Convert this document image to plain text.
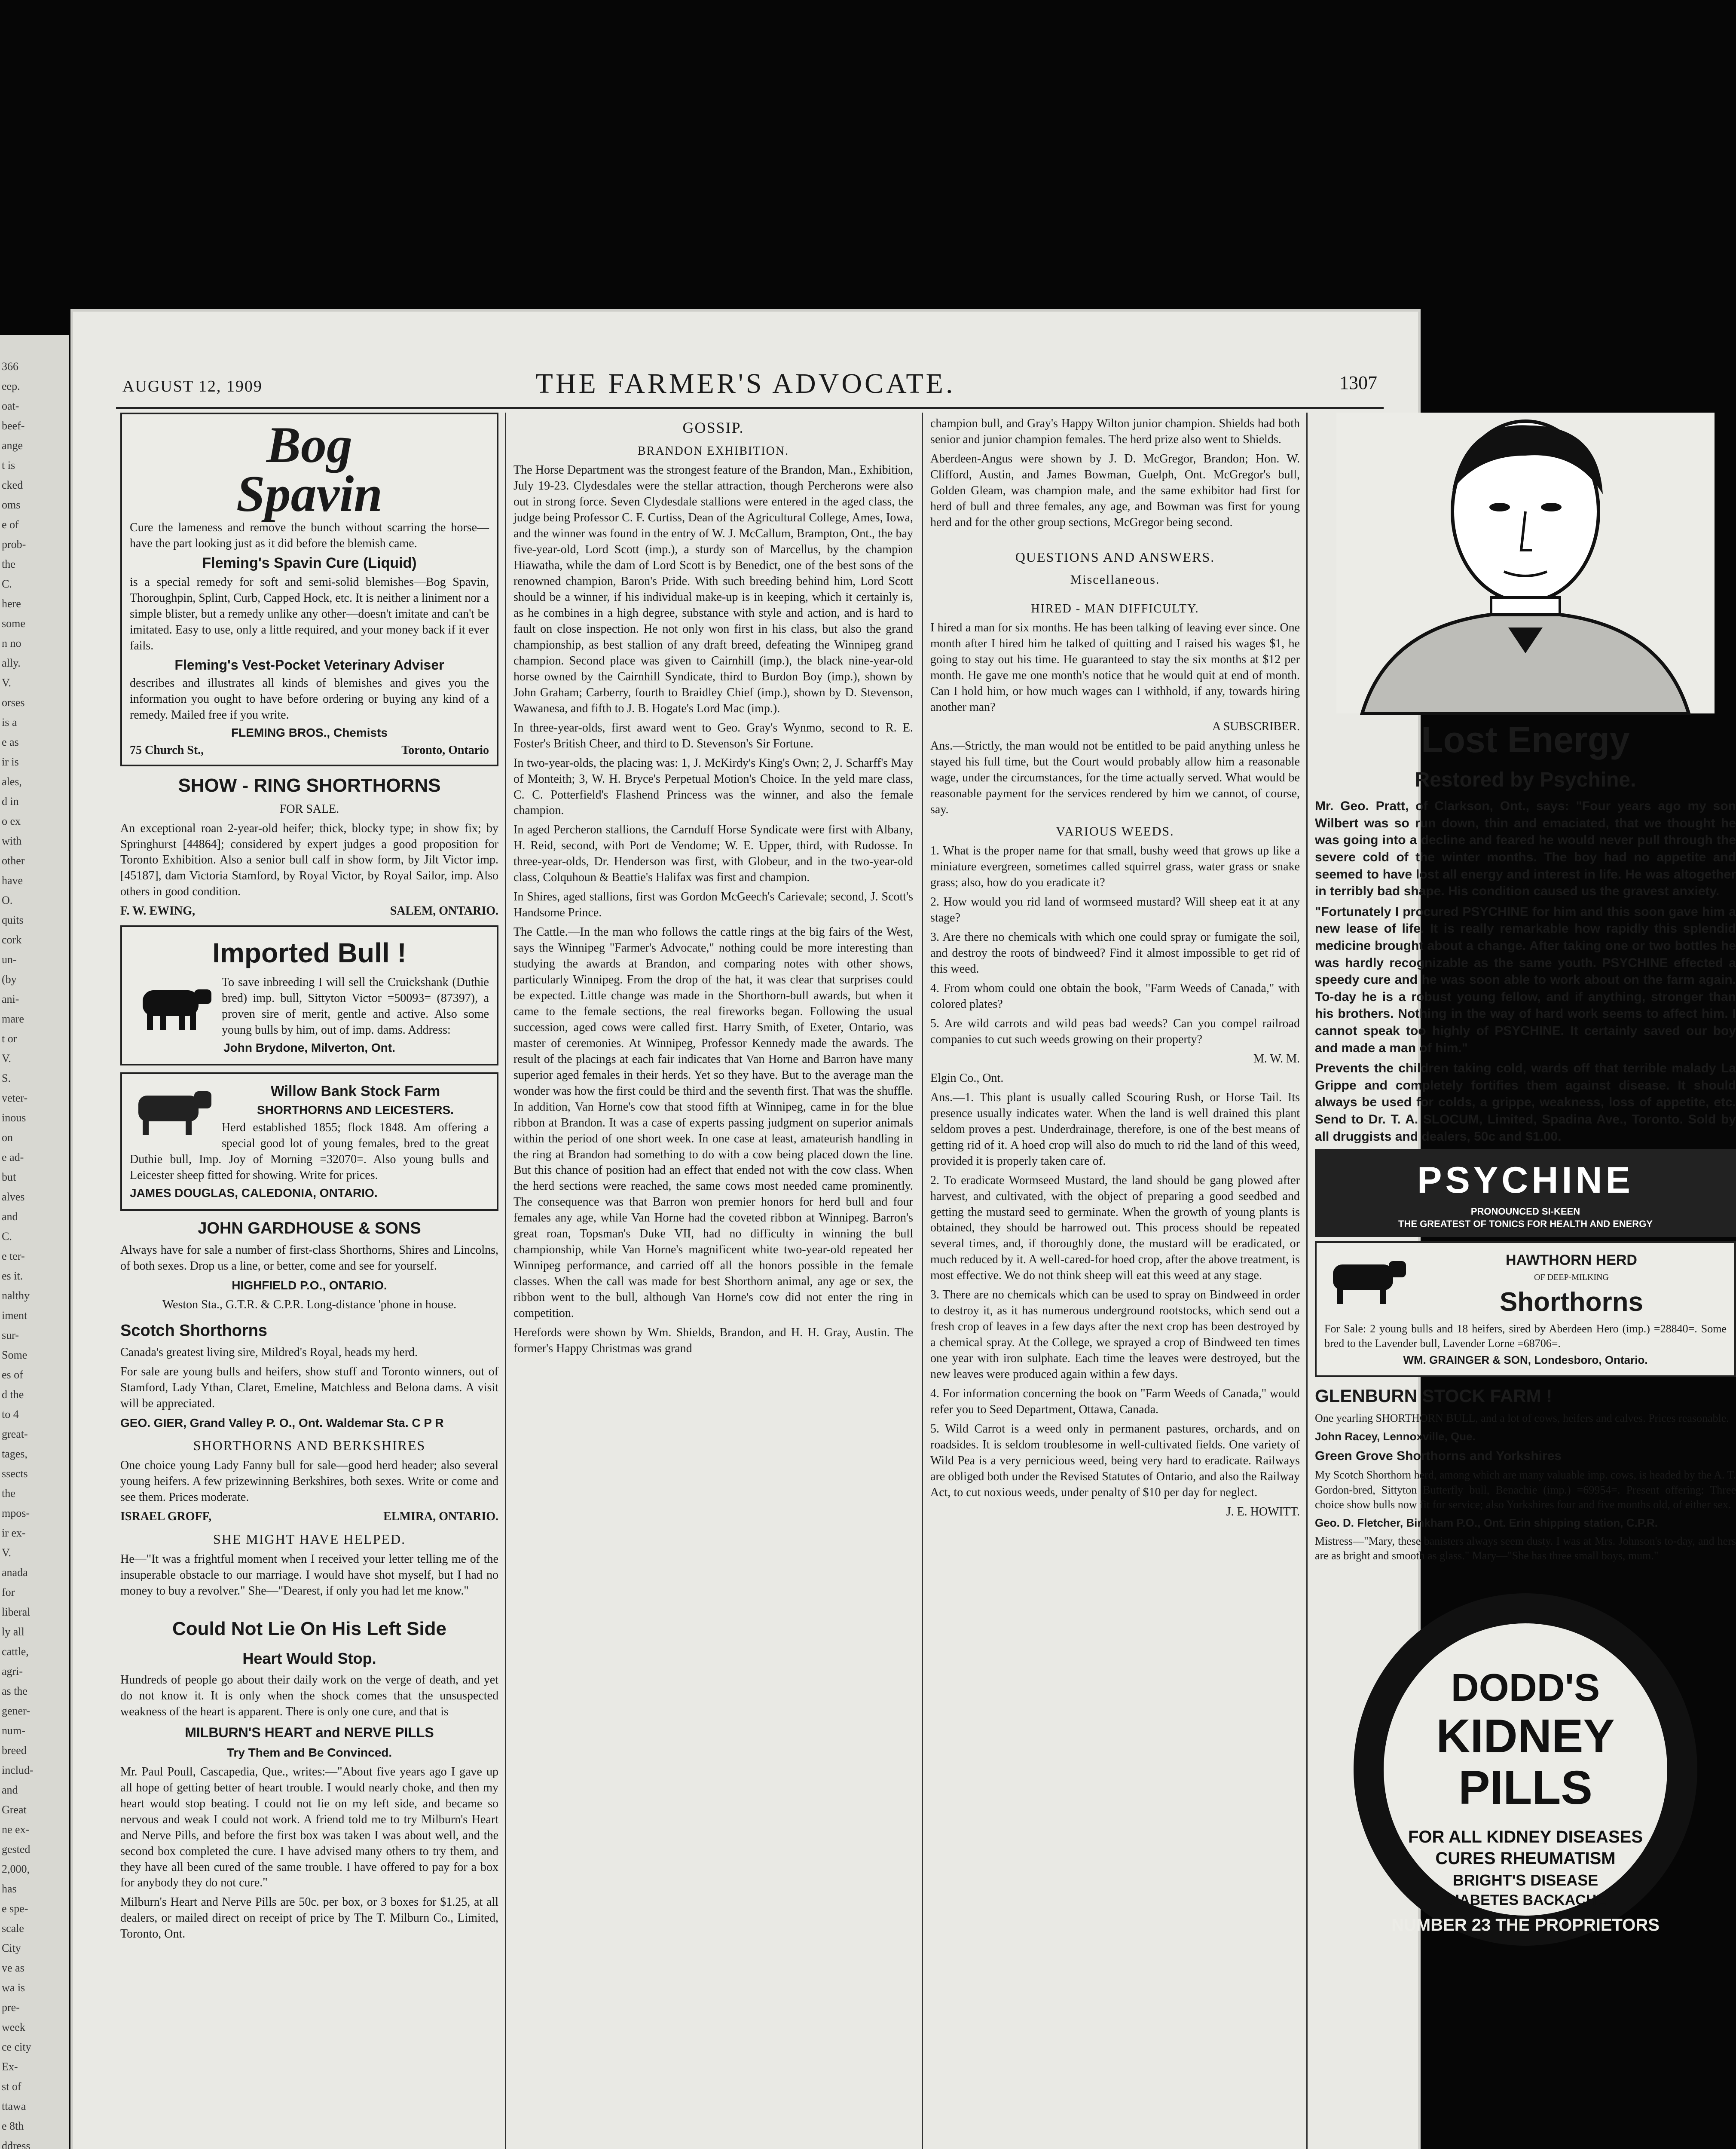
366
eep.
oat-
beef-
ange
t is
cked
oms
e of
prob-
the
C.
here
some
n no
ally.
V.
orses
is a
e as
ir is
ales,
d in
o ex
with
other
have
O.
quits
cork
un-
(by
ani-
mare
t or
V.
S.
veter-
inous
on
e ad-
but
alves
and
C.
e ter-
es it.
nalthy
iment
sur-
Some
es of
d the
to 4
great-
tages,
ssects
the
mpos-
ir ex-
V.
anada
for
liberal
ly all
cattle,
agri-
as the
gener-
num-
breed
includ-
and
Great
ne ex-
gested
2,000,
has
e spe-
scale
City
ve as
wa is
pre-
week
ce city
Ex-
st of
ttawa
e 8th
ddress
AUGUST 12, 1909	THE FARMER'S ADVOCATE.	1307
Bog
Spavin

Cure the lameness and remove the bunch without scarring the horse—have the part looking just as it did before the blemish came.

Fleming's Spavin Cure (Liquid)

is a special remedy for soft and semi-solid blemishes—Bog Spavin, Thoroughpin, Splint, Curb, Capped Hock, etc. It is neither a liniment nor a simple blister, but a remedy unlike any other—doesn't imitate and can't be imitated. Easy to use, only a little required, and your money back if it ever fails.

Fleming's Vest-Pocket Veterinary Adviser

describes and illustrates all kinds of blemishes and gives you the information you ought to have before ordering or buying any kind of a remedy. Mailed free if you write.

FLEMING BROS., Chemists

75 Church St.,	Toronto, Ontario
SHOW - RING SHORTHORNS

FOR SALE.

An exceptional roan 2-year-old heifer; thick, blocky type; in show fix; by Springhurst [44864]; considered by expert judges a good proposition for Toronto Exhibition. Also a senior bull calf in show form, by Jilt Victor imp. [45187], dam Victoria Stamford, by Royal Victor, by Royal Sailor, imp. Also others in good condition.

F. W. EWING,	SALEM, ONTARIO.
Imported Bull !

To save inbreeding I will sell the Cruickshank (Duthie bred) imp. bull, Sittyton Victor =50093= (87397), a proven sire of merit, gentle and active. Also some young bulls by him, out of imp. dams. Address:

John Brydone, Milverton, Ont.

Willow Bank Stock Farm

SHORTHORNS AND LEICESTERS.

Herd established 1855; flock 1848. Am offering a special good lot of young females, bred to the great Duthie bull, Imp. Joy of Morning =32070=. Also young bulls and Leicester sheep fitted for showing. Write for prices.

JAMES DOUGLAS, CALEDONIA, ONTARIO.

JOHN GARDHOUSE & SONS

Always have for sale a number of first-class Shorthorns, Shires and Lincolns, of both sexes. Drop us a line, or better, come and see for yourself.

HIGHFIELD P.O., ONTARIO.

Weston Sta., G.T.R. & C.P.R. Long-distance 'phone in house.

Scotch Shorthorns

Canada's greatest living sire, Mildred's Royal, heads my herd.

For sale are young bulls and heifers, show stuff and Toronto winners, out of Stamford, Lady Ythan, Claret, Emeline, Matchless and Belona dams. A visit will be appreciated.

GEO. GIER, Grand Valley P. O., Ont. Waldemar Sta. C P R

SHORTHORNS AND BERKSHIRES

One choice young Lady Fanny bull for sale—good herd header; also several young heifers. A few prizewinning Berkshires, both sexes. Write or come and see them. Prices moderate.

ISRAEL GROFF,	ELMIRA, ONTARIO.
SHE MIGHT HAVE HELPED.

He—"It was a frightful moment when I received your letter telling me of the insuperable obstacle to our marriage. I would have shot myself, but I had no money to buy a revolver." She—"Dearest, if only you had let me know."

Could Not Lie On His Left Side
Heart Would Stop.

Hundreds of people go about their daily work on the verge of death, and yet do not know it. It is only when the shock comes that the unsuspected weakness of the heart is apparent. There is only one cure, and that is

MILBURN'S HEART and NERVE PILLS

Try Them and Be Convinced.

Mr. Paul Poull, Cascapedia, Que., writes:—"About five years ago I gave up all hope of getting better of heart trouble. I would nearly choke, and then my heart would stop beating. I could not lie on my left side, and became so nervous and weak I could not work. A friend told me to try Milburn's Heart and Nerve Pills, and before the first box was taken I was about well, and the second box completed the cure. I have advised many others to try them, and they have all been cured of the same trouble. I have offered to pay for a box for anybody they do not cure."

Milburn's Heart and Nerve Pills are 50c. per box, or 3 boxes for $1.25, at all dealers, or mailed direct on receipt of price by The T. Milburn Co., Limited, Toronto, Ont.

GOSSIP.
BRANDON EXHIBITION.

The Horse Department was the strongest feature of the Brandon, Man., Exhibition, July 19-23. Clydesdales were the stellar attraction, though Percherons were also out in strong force. Seven Clydesdale stallions were entered in the aged class, the judge being Professor C. F. Curtiss, Dean of the Agricultural College, Ames, Iowa, and the winner was found in the entry of W. J. McCallum, Brampton, Ont., the bay five-year-old, Lord Scott (imp.), a sturdy son of Marcellus, by the champion Hiawatha, while the dam of Lord Scott is by Benedict, one of the best sons of the renowned champion, Baron's Pride. With such breeding behind him, Lord Scott should be a winner, if his individual make-up is in keeping, which it certainly is, as he combines in a high degree, substance with style and action, and is hard to fault on close inspection. He not only won first in his class, but also the grand championship, as best stallion of any draft breed, defeating the Winnipeg grand champion. Second place was given to Cairnhill (imp.), the black nine-year-old horse owned by the Cairnhill Syndicate, third to Burdon Boy (imp.), shown by John Graham; Carberry, fourth to Braidley Chief (imp.), shown by D. Stevenson, Wawanesa, and fifth to J. B. Hogate's Lord Mac (imp.).

In three-year-olds, first award went to Geo. Gray's Wynmo, second to R. E. Foster's British Cheer, and third to D. Stevenson's Sir Fortune.

In two-year-olds, the placing was: 1, J. McKirdy's King's Own; 2, J. Scharff's May of Monteith; 3, W. H. Bryce's Perpetual Motion's Choice. In the yeld mare class, C. C. Potterfield's Flashend Princess was the winner, and also the female champion.

In aged Percheron stallions, the Carnduff Horse Syndicate were first with Albany, H. Reid, second, with Port de Vendome; W. E. Upper, third, with Rudosse. In three-year-olds, Dr. Henderson was first, with Globeur, and in the two-year-old class, Colquhoun & Beattie's Halifax was first and champion.

In Shires, aged stallions, first was Gordon McGeech's Carievale; second, J. Scott's Handsome Prince.

The Cattle.—In the man who follows the cattle rings at the big fairs of the West, says the Winnipeg "Farmer's Advocate," nothing could be more interesting than studying the awards at Brandon, and comparing notes with other shows, particularly Winnipeg. From the drop of the hat, it was clear that surprises could be expected. Little change was made in the Shorthorn-bull awards, but when it came to the female sections, the real fireworks began. Following the usual succession, aged cows were called first. Harry Smith, of Exeter, Ontario, was master of ceremonies. At Winnipeg, Professor Kennedy made the awards. The result of the placings at each fair indicates that Van Horne and Barron have many superior aged females in their herds. Yet so they have. But to the average man the wonder was how the first could be third and the seventh first. That was the shuffle. In addition, Van Horne's cow that stood fifth at Winnipeg, came in for the blue ribbon at Brandon. It was a case of experts passing judgment on superior animals within the period of one short week. In one case at least, amateurish handling in the ring at Brandon had something to do with a cow being placed down the line. But this chance of position had an effect that ended not with the cow class. When the herd sections were reached, the same cows most needed came prominently. The consequence was that Barron won premier honors for herd bull and four females any age, while Van Horne had the coveted ribbon at Winnipeg. Barron's great roan, Topsman's Duke VII, had no difficulty in winning the bull championship, while Van Horne's magnificent white two-year-old repeated her Winnipeg performance, and carried off all the honors possible in the female classes. When the call was made for best Shorthorn animal, any age or sex, the ribbon went to the bull, although Van Horne's cow did not enter the ring in competition.

Herefords were shown by Wm. Shields, Brandon, and H. H. Gray, Austin. The former's Happy Christmas was grand

champion bull, and Gray's Happy Wilton junior champion. Shields had both senior and junior champion females. The herd prize also went to Shields.

Aberdeen-Angus were shown by J. D. McGregor, Brandon; Hon. W. Clifford, Austin, and James Bowman, Guelph, Ont. McGregor's bull, Golden Gleam, was champion male, and the same exhibitor had first for herd of bull and three females, any age, and Bowman was first for young herd and for the other group sections, McGregor being second.

QUESTIONS AND ANSWERS.
Miscellaneous.
HIRED - MAN DIFFICULTY.

I hired a man for six months. He has been talking of leaving ever since. One month after I hired him he talked of quitting and I raised his wages $1, he going to stay out his time. He guaranteed to stay the six months at $12 per month. He gave me one month's notice that he would quit at end of month. Can I hold him, or how much wages can I withhold, if any, towards hiring another man?

A SUBSCRIBER.

Ans.—Strictly, the man would not be entitled to be paid anything unless he stayed his full time, but the Court would probably allow him a reasonable wage, under the circumstances, for the time actually served. What would be reasonable payment for the services rendered by him we cannot, of course, say.

VARIOUS WEEDS.

1. What is the proper name for that small, bushy weed that grows up like a miniature evergreen, sometimes called squirrel grass, water grass or snake grass; also, how do you eradicate it?

2. How would you rid land of wormseed mustard? Will sheep eat it at any stage?

3. Are there no chemicals with which one could spray or fumigate the soil, and destroy the roots of bindweed? Find it almost impossible to get rid of this weed.

4. From whom could one obtain the book, "Farm Weeds of Canada," with colored plates?

5. Are wild carrots and wild peas bad weeds? Can you compel railroad companies to cut such weeds growing on their property?

M. W. M.

Elgin Co., Ont.

Ans.—1. This plant is usually called Scouring Rush, or Horse Tail. Its presence usually indicates water. When the land is well drained this plant seldom proves a pest. Underdrainage, therefore, is one of the best means of getting rid of it. A hoed crop will also do much to rid the land of this weed, provided it is properly taken care of.

2. To eradicate Wormseed Mustard, the land should be gang plowed after harvest, and cultivated, with the object of preparing a good seedbed and getting the mustard seed to germinate. When the growth of young plants is obtained, they should be harrowed out. This process should be repeated several times, and, if thoroughly done, the mustard will be eradicated, or much reduced by it. A well-cared-for hoed crop, after the above treatment, is most effective. We do not think sheep will eat this weed at any stage.

3. There are no chemicals which can be used to spray on Bindweed in order to destroy it, as it has numerous underground rootstocks, which send out a fresh crop of leaves in a few days after the next crop has been destroyed by a chemical spray. At the College, we sprayed a crop of Bindweed ten times one year with iron sulphate. Each time the leaves were destroyed, but the new leaves were produced again within a few days.

4. For information concerning the book on "Farm Weeds of Canada," would refer you to Seed Department, Ottawa, Canada.

5. Wild Carrot is a weed only in permanent pastures, orchards, and on roadsides. It is seldom troublesome in well-cultivated fields. One variety of Wild Pea is a very pernicious weed, being very hard to eradicate. Railways are obliged both under the Revised Statutes of Ontario, and also the Railway Act, to cut noxious weeds, under penalty of $10 per day for neglect.

J. E. HOWITT.

Lost Energy
Restored by Psychine.

Mr. Geo. Pratt, of Clarkson, Ont., says: "Four years ago my son Wilbert was so run down, thin and emaciated, that we thought he was going into a decline and feared he would never pull through the severe cold of the winter months. The boy had no appetite and seemed to have lost all energy and interest in life. He was altogether in terribly bad shape. His condition caused us the gravest anxiety.

"Fortunately I procured PSYCHINE for him and this soon gave him a new lease of life. It is really remarkable how rapidly this splendid medicine brought about a change. After taking one or two bottles he was hardly recognizable as the same youth. PSYCHINE effected a speedy cure and he was soon able to work about on the farm again. To-day he is a robust young fellow, and if anything, stronger than his brothers. Nothing in the way of hard work seems to affect him. I cannot speak too highly of PSYCHINE. It certainly saved our boy and made a man of him."

Prevents the children taking cold, wards off that terrible malady La Grippe and completely fortifies them against disease. It should always be used for colds, a grippe, weakness, loss of appetite, etc. Send to Dr. T. A. SLOCUM, Limited, Spadina Ave., Toronto. Sold by all druggists and dealers, 50c and $1.00.

PSYCHINE
PRONOUNCED SI-KEEN
THE GREATEST OF TONICS FOR HEALTH AND ENERGY

HAWTHORN HERD

OF DEEP-MILKING

Shorthorns

For Sale: 2 young bulls and 18 heifers, sired by Aberdeen Hero (imp.) =28840=. Some bred to the Lavender bull, Lavender Lorne =68706=.

WM. GRAINGER & SON, Londesboro, Ontario.

GLENBURN STOCK FARM !

One yearling SHORTHORN BULL, and a lot of cows, heifers and calves. Prices reasonable.

John Racey, Lennoxville, Que.

Green Grove Shorthorns and Yorkshires

My Scotch Shorthorn herd, among which are many valuable imp. cows, is headed by the A. T. Gordon-bred, Sittyton Butterfly bull, Benachie (imp.) =69954=. Present offering: Three choice show bulls now fit for service; also Yorkshires four and five months old, of either sex.

Geo. D. Fletcher, Binkham P.O., Ont. Erin shipping station, C.P.R.

Mistress—"Mary, these banisters always seem dusty. I was at Mrs. Johnson's to-day, and hers are as bright and smooth as glass." Mary—"She has three small boys, mum."

DODD'S
KIDNEY
PILLS
FOR ALL KIDNEY DISEASES
CURES RHEUMATISM
BRIGHT'S DISEASE
DIABETES BACKACHE
NUMBER 23 THE PROPRIETORS
